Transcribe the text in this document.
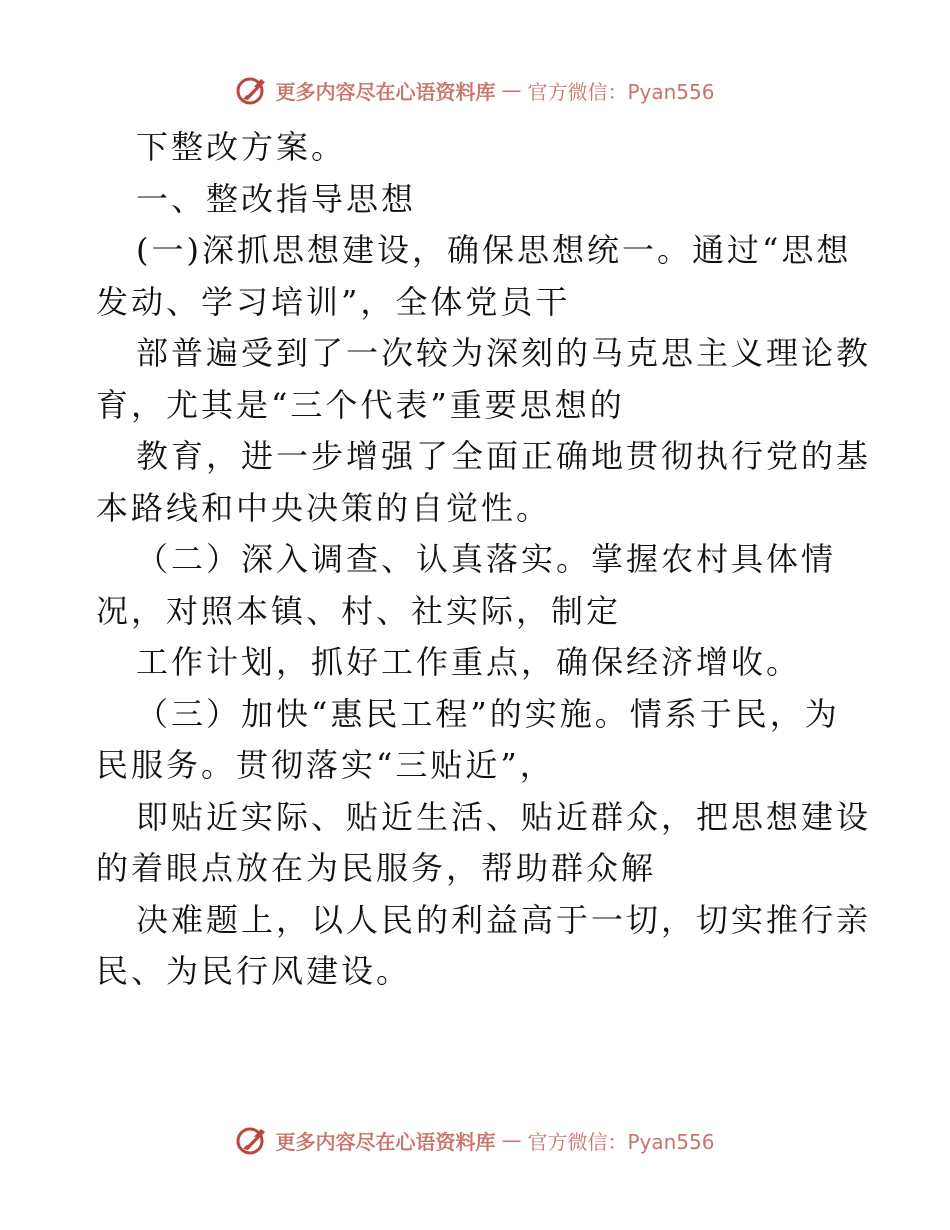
更多内容尽在心语资料库 — 官方微信：Pyan556
下整改方案。
一、整改指导思想
(一)深抓思想建设，确保思想统一。通过“思想
发动、学习培训”，全体党员干
部普遍受到了一次较为深刻的马克思主义理论教
育，尤其是“三个代表”重要思想的
教育，进一步增强了全面正确地贯彻执行党的基
本路线和中央决策的自觉性。
（二）深入调查、认真落实。掌握农村具体情
况，对照本镇、村、社实际，制定
工作计划，抓好工作重点，确保经济增收。
（三）加快“惠民工程”的实施。情系于民，为
民服务。贯彻落实“三贴近”，
即贴近实际、贴近生活、贴近群众，把思想建设
的着眼点放在为民服务，帮助群众解
决难题上，以人民的利益高于一切，切实推行亲
民、为民行风建设。
更多内容尽在心语资料库 — 官方微信：Pyan556
